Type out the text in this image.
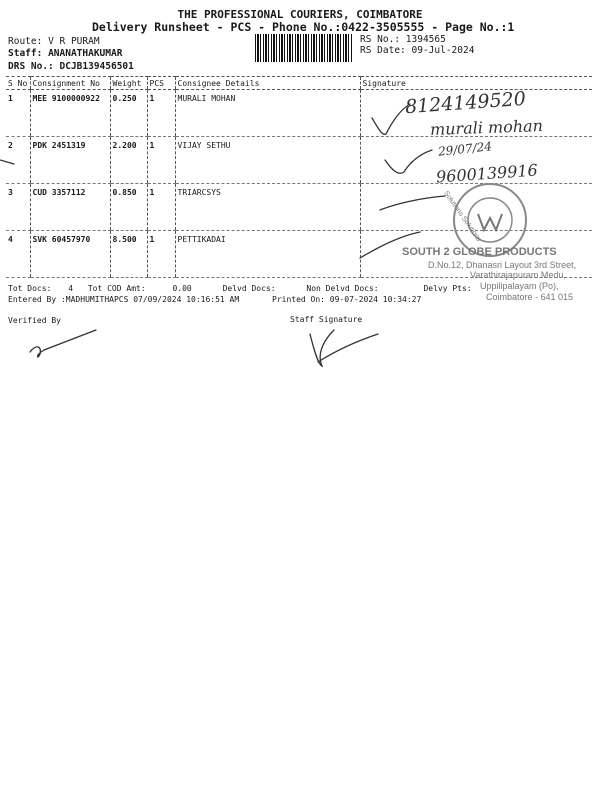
THE PROFESSIONAL COURIERS, COIMBATORE
Delivery Runsheet - PCS - Phone No.:0422-3505555 - Page No.:1
Route: V R PURAM
Staff: ANANATHAKUMAR
DRS No.: DCJB139456501
RS No.: 1394565
RS Date: 09-Jul-2024
S No	Consignment No	Weight	PCS	Consignee Details	Signature
1	MEE 9100000922	0.250	1	MURALI MOHAN	
2	PDK 2451319	2.200	1	VIJAY SETHU	
3	CUD 3357112	0.850	1	TRIARCSYS	
4	SVK 60457970	8.500	1	PETTIKADAI		Solutions Solutions
SOUTH 2 GLOBE PRODUCTS
D.No.12, Dhanasri Layout 3rd Street,
Varathirajapuram Medu,
Uppilipalayam (Po),
Coimbatore - 641 015
8124149520
murali mohan
29/07/24
9600139916
Tot Docs: 4 Tot COD Amt:	0.00	Delvd Docs:	Non Delvd Docs:	Delvy Pts:
Entered By :MADHUMITHAPCS 07/09/2024 10:16:51 AM	Printed On: 09-07-2024 10:34:27
Verified By	Staff Signature
